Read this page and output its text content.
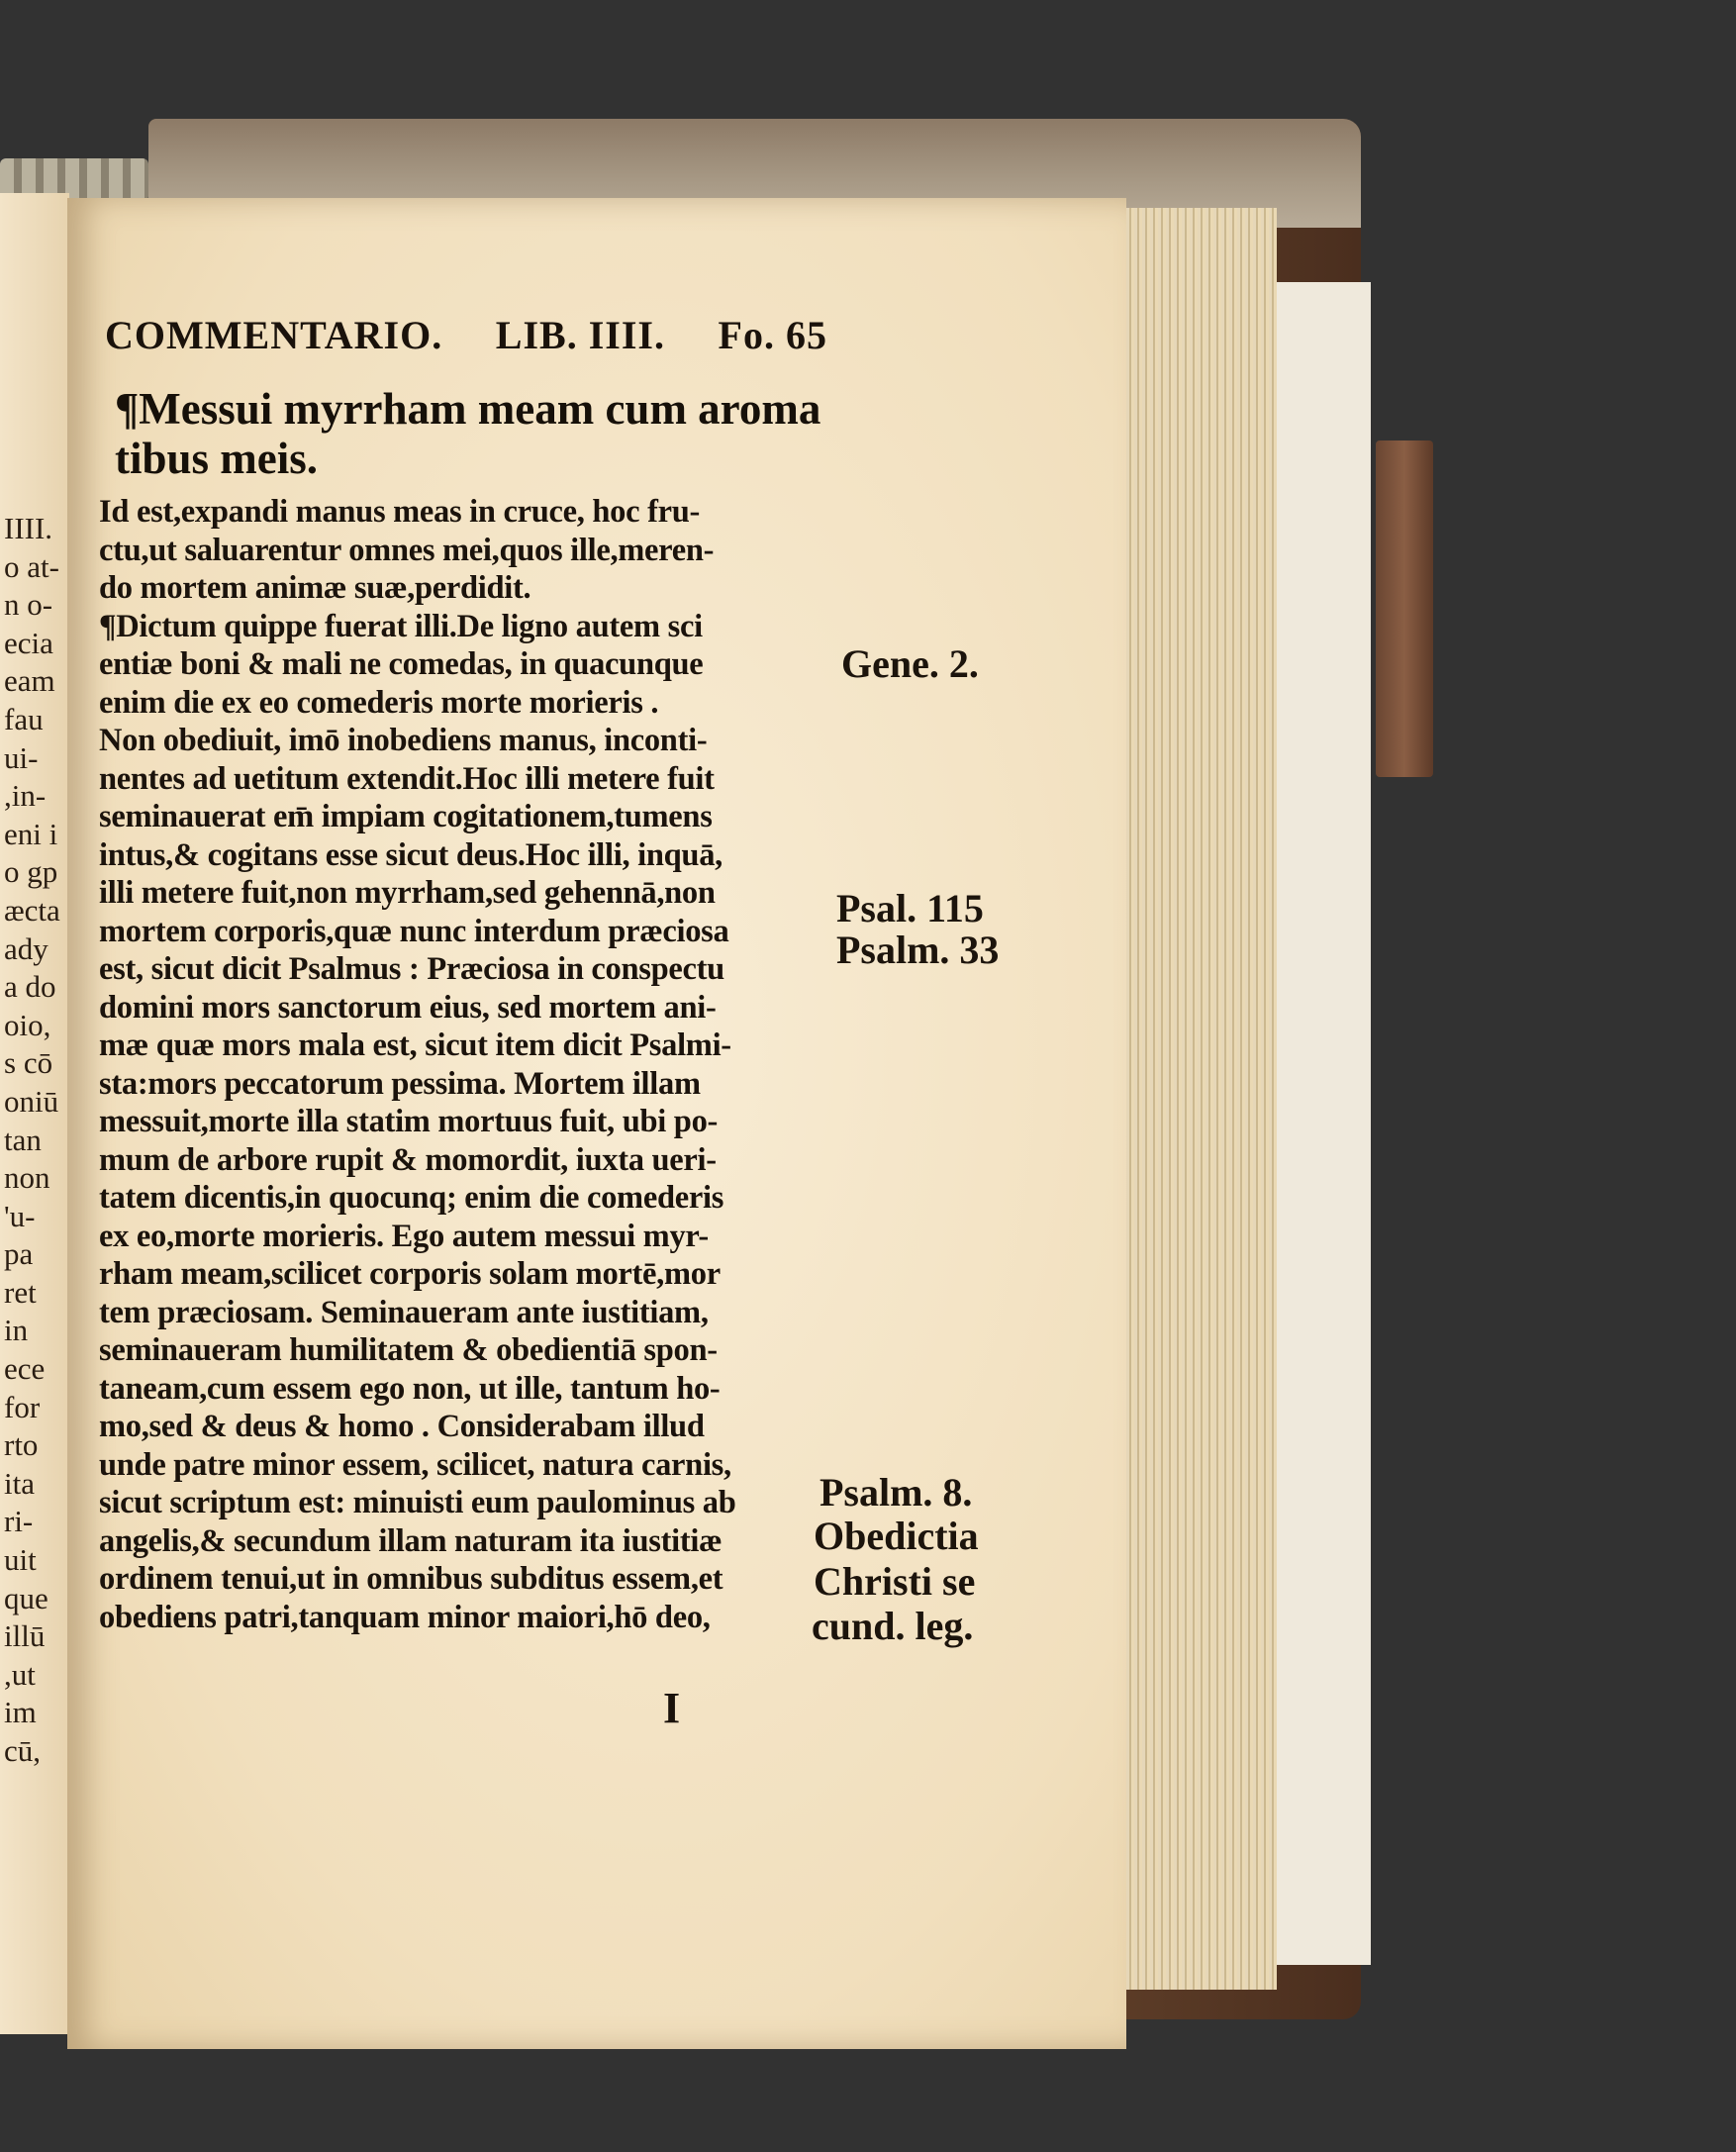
IIII.
o at-
n o-
ecia
eam
fau
ui-
,in-
eni i
o gp
æcta
ady
a do
oio,
s cō
oniū
tan
non
'u-
pa
ret
in
ece
for
rto
ita
ri-
uit
que
illū
,ut
im
cū,
COMMENTARIO. LIB. IIII. Fo. 65
¶Messui myrrham meam cum aroma
tibus meis.
Id est,expandi manus meas in cruce, hoc fru-
ctu,ut saluarentur omnes mei,quos ille,meren-
do mortem animæ suæ,perdidit.
¶Dictum quippe fuerat illi.De ligno autem sci
entiæ boni & mali ne comedas, in quacunque
enim die ex eo comederis morte morieris .
Non obediuit, imō inobediens manus, inconti-
nentes ad uetitum extendit.Hoc illi metere fuit
seminauerat em̄ impiam cogitationem,tumens
intus,& cogitans esse sicut deus.Hoc illi, inquā,
illi metere fuit,non myrrham,sed gehennā,non
mortem corporis,quæ nunc interdum præciosa
est, sicut dicit Psalmus : Præciosa in conspectu
domini mors sanctorum eius, sed mortem ani-
mæ quæ mors mala est, sicut item dicit Psalmi-
sta:mors peccatorum pessima. Mortem illam
messuit,morte illa statim mortuus fuit, ubi po-
mum de arbore rupit & momordit, iuxta ueri-
tatem dicentis,in quocunq; enim die comederis
ex eo,morte morieris. Ego autem messui myr-
rham meam,scilicet corporis solam mortē,mor
tem præciosam. Seminaueram ante iustitiam,
seminaueram humilitatem & obedientiā spon-
taneam,cum essem ego non, ut ille, tantum ho-
mo,sed & deus & homo . Considerabam illud
unde patre minor essem, scilicet, natura carnis,
sicut scriptum est: minuisti eum paulominus ab
angelis,& secundum illam naturam ita iustitiæ
ordinem tenui,ut in omnibus subditus essem,et
obediens patri,tanquam minor maiori,hō deo,
I
Gene. 2.
Psal. 115
Psalm. 33
Psalm. 8.
Obedictia
Christi se
cund. leg.
